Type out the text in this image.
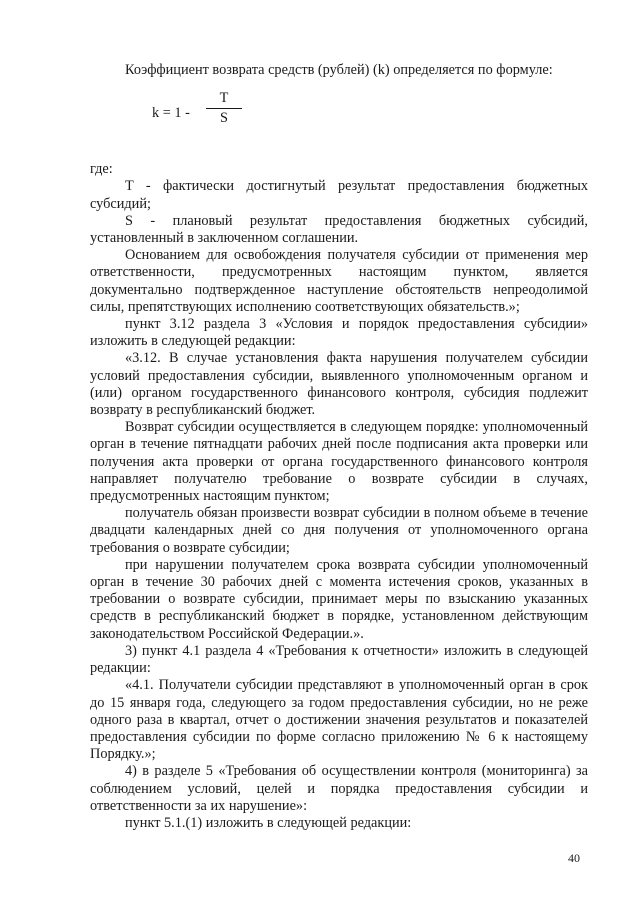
Коэффициент возврата средств (рублей) (k) определяется по формуле:

k = 1 -
T
S

где:

T - фактически достигнутый результат предоставления бюджетных субсидий;

S - плановый результат предоставления бюджетных субсидий, установленный в заключенном соглашении.

Основанием для освобождения получателя субсидии от применения мер ответственности, предусмотренных настоящим пунктом, является документально подтвержденное наступление обстоятельств непреодолимой силы, препятствующих исполнению соответствующих обязательств.»;

пункт 3.12 раздела 3 «Условия и порядок предоставления субсидии» изложить в следующей редакции:

«3.12. В случае установления факта нарушения получателем субсидии условий предоставления субсидии, выявленного уполномоченным органом и (или) органом государственного финансового контроля, субсидия подлежит возврату в республиканский бюджет.

Возврат субсидии осуществляется в следующем порядке: уполномоченный орган в течение пятнадцати рабочих дней после подписания акта проверки или получения акта проверки от органа государственного финансового контроля направляет получателю требование о возврате субсидии в случаях, предусмотренных настоящим пунктом;

получатель обязан произвести возврат субсидии в полном объеме в течение двадцати календарных дней со дня получения от уполномоченного органа требования о возврате субсидии;

при нарушении получателем срока возврата субсидии уполномоченный орган в течение 30 рабочих дней с момента истечения сроков, указанных в требовании о возврате субсидии, принимает меры по взысканию указанных средств в республиканский бюджет в порядке, установленном действующим законодательством Российской Федерации.».

3) пункт 4.1 раздела 4 «Требования к отчетности» изложить в следующей редакции:

«4.1. Получатели субсидии представляют в уполномоченный орган в срок до 15 января года, следующего за годом предоставления субсидии, но не реже одного раза в квартал, отчет о достижении значения результатов и показателей предоставления субсидии по форме согласно приложению № 6 к настоящему Порядку.»;

4) в разделе 5 «Требования об осуществлении контроля (мониторинга) за соблюдением условий, целей и порядка предоставления субсидии и ответственности за их нарушение»:

пункт 5.1.(1) изложить в следующей редакции:

40
